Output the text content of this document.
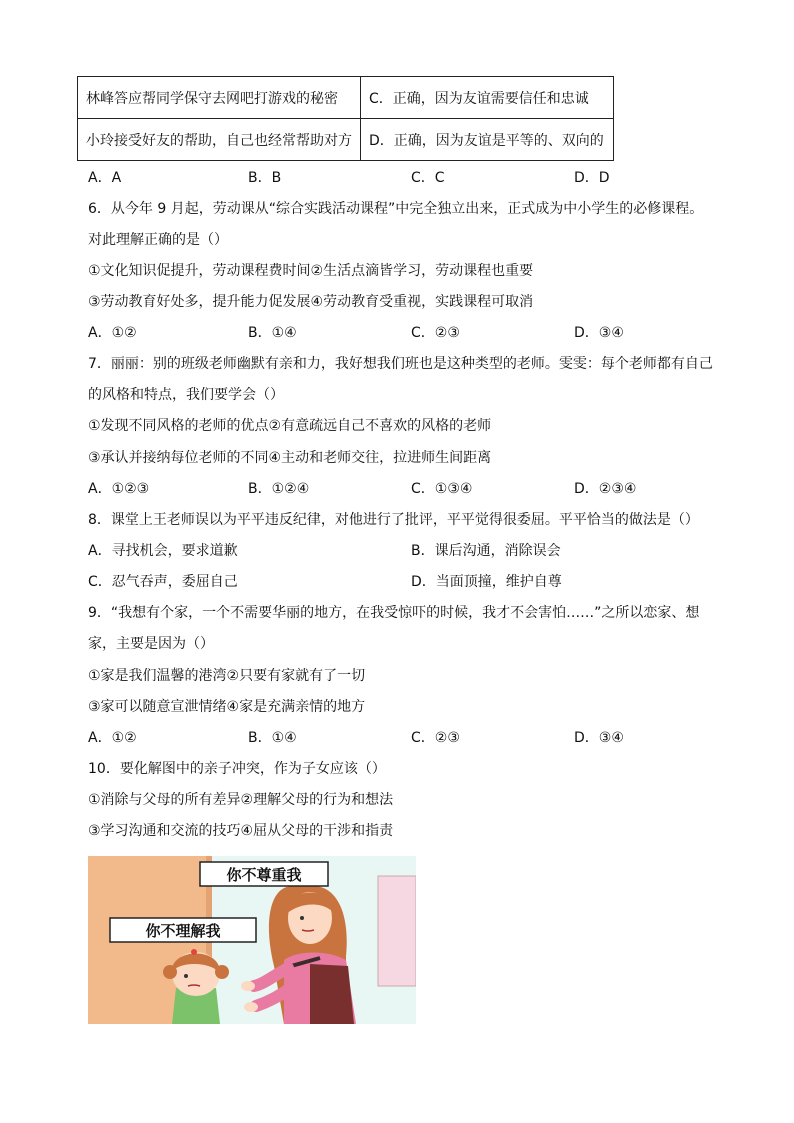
林峰答应帮同学保守去网吧打游戏的秘密	C．正确，因为友谊需要信任和忠诚
小玲接受好友的帮助，自己也经常帮助对方	D．正确，因为友谊是平等的、双向的
A．A	B．B	C．C	D．D
6．从今年 9 月起，劳动课从“综合实践活动课程”中完全独立出来，正式成为中小学生的必修课程。
对此理解正确的是（）
①文化知识促提升，劳动课程费时间②生活点滴皆学习，劳动课程也重要
③劳动教育好处多，提升能力促发展④劳动教育受重视，实践课程可取消
A．①②	B．①④	C．②③	D．③④
7．丽丽：别的班级老师幽默有亲和力，我好想我们班也是这种类型的老师。雯雯：每个老师都有自己
的风格和特点，我们要学会（）
①发现不同风格的老师的优点②有意疏远自己不喜欢的风格的老师
③承认并接纳每位老师的不同④主动和老师交往，拉进师生间距离
A．①②③	B．①②④	C．①③④	D．②③④
8．课堂上王老师误以为平平违反纪律，对他进行了批评，平平觉得很委屈。平平恰当的做法是（）
A．寻找机会，要求道歉	B．课后沟通，消除误会
C．忍气吞声，委屈自己	D．当面顶撞，维护自尊
9．“我想有个家，一个不需要华丽的地方，在我受惊吓的时候，我才不会害怕……”之所以恋家、想
家，主要是因为（）
①家是我们温馨的港湾②只要有家就有了一切
③家可以随意宣泄情绪④家是充满亲情的地方
A．①②	B．①④	C．②③	D．③④
10．要化解图中的亲子冲突，作为子女应该（）
①消除与父母的所有差异②理解父母的行为和想法
③学习沟通和交流的技巧④屈从父母的干涉和指责
你不尊重我
你不理解我
